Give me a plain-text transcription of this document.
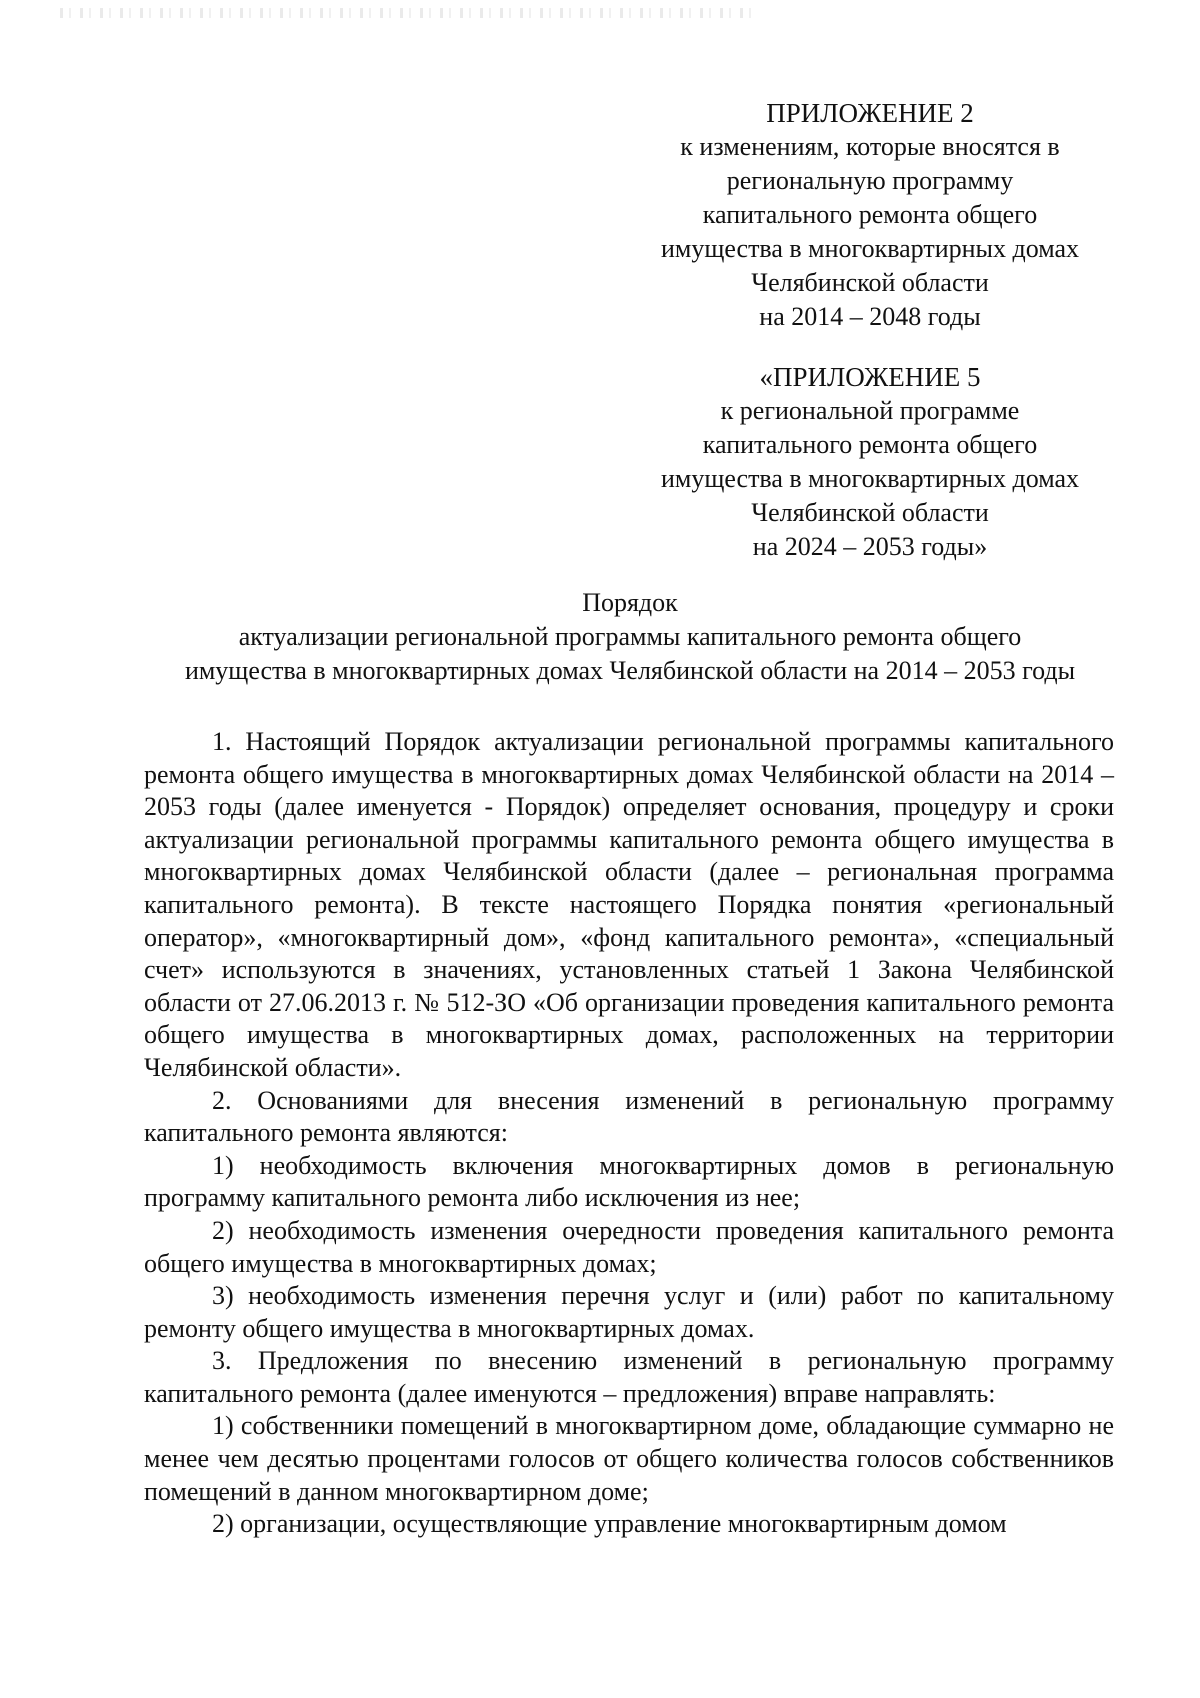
ПРИЛОЖЕНИЕ 2
к изменениям, которые вносятся в
региональную программу
капитального ремонта общего
имущества в многоквартирных домах
Челябинской области
на 2014 – 2048 годы
«ПРИЛОЖЕНИЕ 5
к региональной программе
капитального ремонта общего
имущества в многоквартирных домах
Челябинской области
на 2024 – 2053 годы»
Порядок
актуализации региональной программы капитального ремонта общего
имущества в многоквартирных домах Челябинской области на 2014 – 2053 годы

1. Настоящий Порядок актуализации региональной программы капитального ремонта общего имущества в многоквартирных домах Челябинской области на 2014 – 2053 годы (далее именуется - Порядок) определяет основания, процедуру и сроки актуализации региональной программы капитального ремонта общего имущества в многоквартирных домах Челябинской области (далее – региональная программа капитального ремонта). В тексте настоящего Порядка понятия «региональный оператор», «многоквартирный дом», «фонд капитального ремонта», «специальный счет» используются в значениях, установленных статьей 1 Закона Челябинской области от 27.06.2013 г. № 512-ЗО «Об организации проведения капитального ремонта общего имущества в многоквартирных домах, расположенных на территории Челябинской области».

2. Основаниями для внесения изменений в региональную программу капитального ремонта являются:

1) необходимость включения многоквартирных домов в региональную программу капитального ремонта либо исключения из нее;

2) необходимость изменения очередности проведения капитального ремонта общего имущества в многоквартирных домах;

3) необходимость изменения перечня услуг и (или) работ по капитальному ремонту общего имущества в многоквартирных домах.

3. Предложения по внесению изменений в региональную программу капитального ремонта (далее именуются – предложения) вправе направлять:

1) собственники помещений в многоквартирном доме, обладающие суммарно не менее чем десятью процентами голосов от общего количества голосов собственников помещений в данном многоквартирном доме;

2) организации, осуществляющие управление многоквартирным домом
